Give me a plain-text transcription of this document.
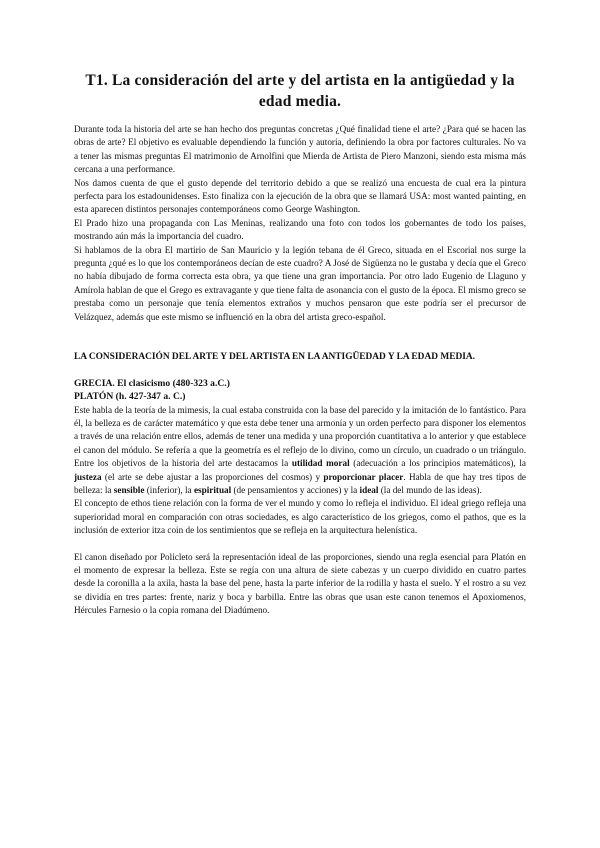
T1. La consideración del arte y del artista en la antigüedad y la edad media.

Durante toda la historia del arte se han hecho dos preguntas concretas ¿Qué finalidad tiene el arte? ¿Para qué se hacen las obras de arte? El objetivo es evaluable dependiendo la función y autoría, definiendo la obra por factores culturales. No va a tener las mismas preguntas El matrimonio de Arnolfini que Mierda de Artista de Piero Manzoni, siendo esta misma más cercana a una performance.

Nos damos cuenta de que el gusto depende del territorio debido a que se realizó una encuesta de cual era la pintura perfecta para los estadounidenses. Esto finaliza con la ejecución de la obra que se llamará USA: most wanted painting, en esta aparecen distintos personajes contemporáneos como George Washington.

El Prado hizo una propaganda con Las Meninas, realizando una foto con todos los gobernantes de todo los países, mostrando aún más la importancia del cuadro.

Si hablamos de la obra El martirio de San Mauricio y la legión tebana de él Greco, situada en el Escorial nos surge la pregunta ¿qué es lo que los contemporáneos decían de este cuadro? A José de Sigüenza no le gustaba y decía que el Greco no había dibujado de forma correcta esta obra, ya que tiene una gran importancia. Por otro lado Eugenio de Llaguno y Amírola hablan de que el Grego es extravagante y que tiene falta de asonancia con el gusto de la época. El mismo greco se prestaba como un personaje que tenía elementos extraños y muchos pensaron que este podría ser el precursor de Velázquez, además que este mismo se influenció en la obra del artista greco-español.

LA CONSIDERACIÓN DEL ARTE Y DEL ARTISTA EN LA ANTIGÜEDAD Y LA EDAD MEDIA.
GRECIA. El clasicismo (480-323 a.C.)
PLATÓN (h. 427-347 a. C.)

Este habla de la teoría de la mimesis, la cual estaba construida con la base del parecido y la imitación de lo fantástico. Para él, la belleza es de carácter matemático y que esta debe tener una armonía y un orden perfecto para disponer los elementos a través de una relación entre ellos, además de tener una medida y una proporción cuantitativa a lo anterior y que establece el canon del módulo. Se refería a que la geometría es el reflejo de lo divino, como un círculo, un cuadrado o un triángulo. Entre los objetivos de la historia del arte destacamos la utilidad moral (adecuación a los principios matemáticos), la justeza (el arte se debe ajustar a las proporciones del cosmos) y proporcionar placer. Habla de que hay tres tipos de belleza: la sensible (inferior), la espiritual (de pensamientos y acciones) y la ideal (la del mundo de las ideas).

El concepto de ethos tiene relación con la forma de ver el mundo y como lo refleja el individuo. El ideal griego refleja una superioridad moral en comparación con otras sociedades, es algo característico de los griegos, como el pathos, que es la inclusión de exterior itza coin de los sentimientos que se refleja en la arquitectura helenística.

El canon diseñado por Policleto será la representación ideal de las proporciones, siendo una regla esencial para Platón en el momento de expresar la belleza. Este se regía con una altura de siete cabezas y un cuerpo dividido en cuatro partes desde la coronilla a la axila, hasta la base del pene, hasta la parte inferior de la rodilla y hasta el suelo. Y el rostro a su vez se dividía en tres partes: frente, nariz y boca y barbilla. Entre las obras que usan este canon tenemos el Apoxiomenos, Hércules Farnesio o la copia romana del Diadúmeno.
